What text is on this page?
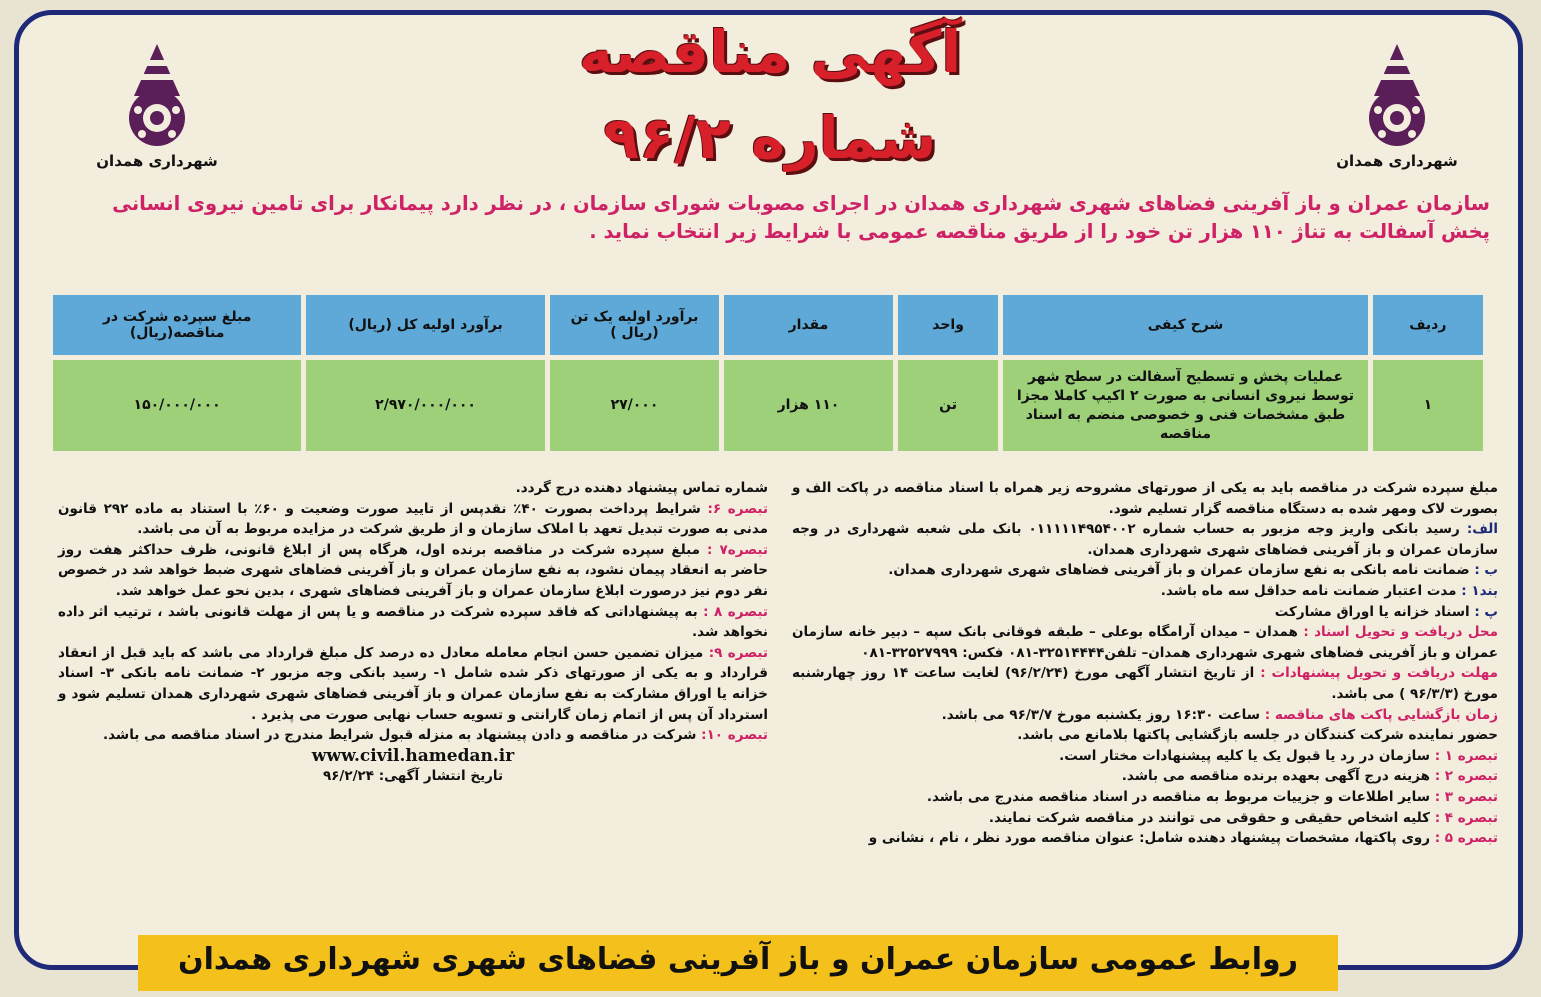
شهرداری همدان	شهرداری همدان
آگهی مناقصه
شماره ۹۶/۲
سازمان عمران و باز آفرینی فضاهای شهری شهرداری همدان در اجرای مصوبات شورای سازمان ، در نظر دارد پیمانکار برای تامین نیروی انسانی پخش آسفالت به تناژ ۱۱۰ هزار تن خود را از طریق مناقصه عمومی با شرایط زیر انتخاب نماید .
ردیف	شرح کیفی	واحد	مقدار	برآورد اولیه یک تن (ریال )	برآورد اولیه کل (ریال)	مبلغ سپرده شرکت در مناقصه(ریال)
۱	عملیات پخش و تسطیح آسفالت در سطح شهر توسط نیروی انسانی به صورت ۲ اکیپ کاملا مجزا طبق مشخصات فنی و خصوصی منضم به اسناد مناقصه	تن	۱۱۰ هزار	۲۷/۰۰۰	۲/۹۷۰/۰۰۰/۰۰۰	۱۵۰/۰۰۰/۰۰۰

مبلغ سپرده شرکت در مناقصه باید به یکی از صورتهای مشروحه زیر همراه با اسناد مناقصه در پاکت الف و بصورت لاک ومهر شده به دستگاه مناقصه گزار تسلیم شود.

الف: رسید بانکی واریز وجه مزبور به حساب شماره ۰۱۱۱۱۱۴۹۵۴۰۰۲ بانک ملی شعبه شهرداری در وجه سازمان عمران و باز آفرینی فضاهای شهری شهرداری همدان.

ب : ضمانت نامه بانکی به نفع سازمان عمران و باز آفرینی فضاهای شهری شهرداری همدان.

بند۱ : مدت اعتبار ضمانت نامه حداقل سه ماه باشد.

پ : اسناد خزانه یا اوراق مشارکت

محل دریافت و تحویل اسناد : همدان – میدان آرامگاه بوعلی – طبقه فوقانی بانک سپه – دبیر خانه سازمان عمران و باز آفرینی فضاهای شهری شهرداری همدان– تلفن۳۲۵۱۴۴۴۴-۰۸۱ فکس: ۳۲۵۲۷۹۹۹-۰۸۱

مهلت دریافت و تحویل پیشنهادات : از تاریخ انتشار آگهی مورخ (۹۶/۲/۲۴) لغایت ساعت ۱۴ روز چهارشنبه مورخ (۹۶/۳/۳ ) می باشد.

زمان بازگشایی پاکت های مناقصه : ساعت ۱۶:۳۰ روز یکشنبه مورخ ۹۶/۳/۷ می باشد.

حضور نماینده شرکت کنندگان در جلسه بازگشایی پاکتها بلامانع می باشد.

تبصره ۱ : سازمان در رد یا قبول یک یا کلیه پیشنهادات مختار است.

تبصره ۲ : هزینه درج آگهی بعهده برنده مناقصه می باشد.

تبصره ۳ : سایر اطلاعات و جزییات مربوط به مناقصه در اسناد مناقصه مندرج می باشد.

تبصره ۴ : کلیه اشخاص حقیقی و حقوقی می توانند در مناقصه شرکت نمایند.

تبصره ۵ : روی پاکتها، مشخصات پیشنهاد دهنده شامل: عنوان مناقصه مورد نظر ، نام ، نشانی و

شماره تماس پیشنهاد دهنده درج گردد.

تبصره ۶: شرایط پرداخت بصورت ۴۰٪ نقدپس از تایید صورت وضعیت و ۶۰٪ با استناد به ماده ۲۹۲ قانون مدنی به صورت تبدیل تعهد با املاک سازمان و از طریق شرکت در مزایده مربوط به آن می باشد.

تبصره۷ : مبلغ سپرده شرکت در مناقصه برنده اول، هرگاه پس از ابلاغ قانونی، ظرف حداکثر هفت روز حاضر به انعقاد پیمان نشود، به نفع سازمان عمران و باز آفرینی فضاهای شهری ضبط خواهد شد در خصوص نفر دوم نیز درصورت ابلاغ سازمان عمران و باز آفرینی فضاهای شهری ، بدین نحو عمل خواهد شد.

تبصره ۸ : به پیشنهاداتی که فاقد سپرده شرکت در مناقصه و یا پس از مهلت قانونی باشد ، ترتیب اثر داده نخواهد شد.

تبصره ۹: میزان تضمین حسن انجام معامله معادل ده درصد کل مبلغ قرارداد می باشد که باید قبل از انعقاد قرارداد و به یکی از صورتهای ذکر شده شامل ۱- رسید بانکی وجه مزبور ۲- ضمانت نامه بانکی ۳- اسناد خزانه یا اوراق مشارکت به نفع سازمان عمران و باز آفرینی فضاهای شهری شهرداری همدان تسلیم شود و استرداد آن پس از اتمام زمان گارانتی و تسویه حساب نهایی صورت می پذیرد .

تبصره ۱۰: شرکت در مناقصه و دادن پیشنهاد به منزله قبول شرایط مندرج در اسناد مناقصه می باشد.

www.civil.hamedan.ir

تاریخ انتشار آگهی: ۹۶/۲/۲۴

روابط عمومی سازمان عمران و باز آفرینی فضاهای شهری شهرداری همدان
